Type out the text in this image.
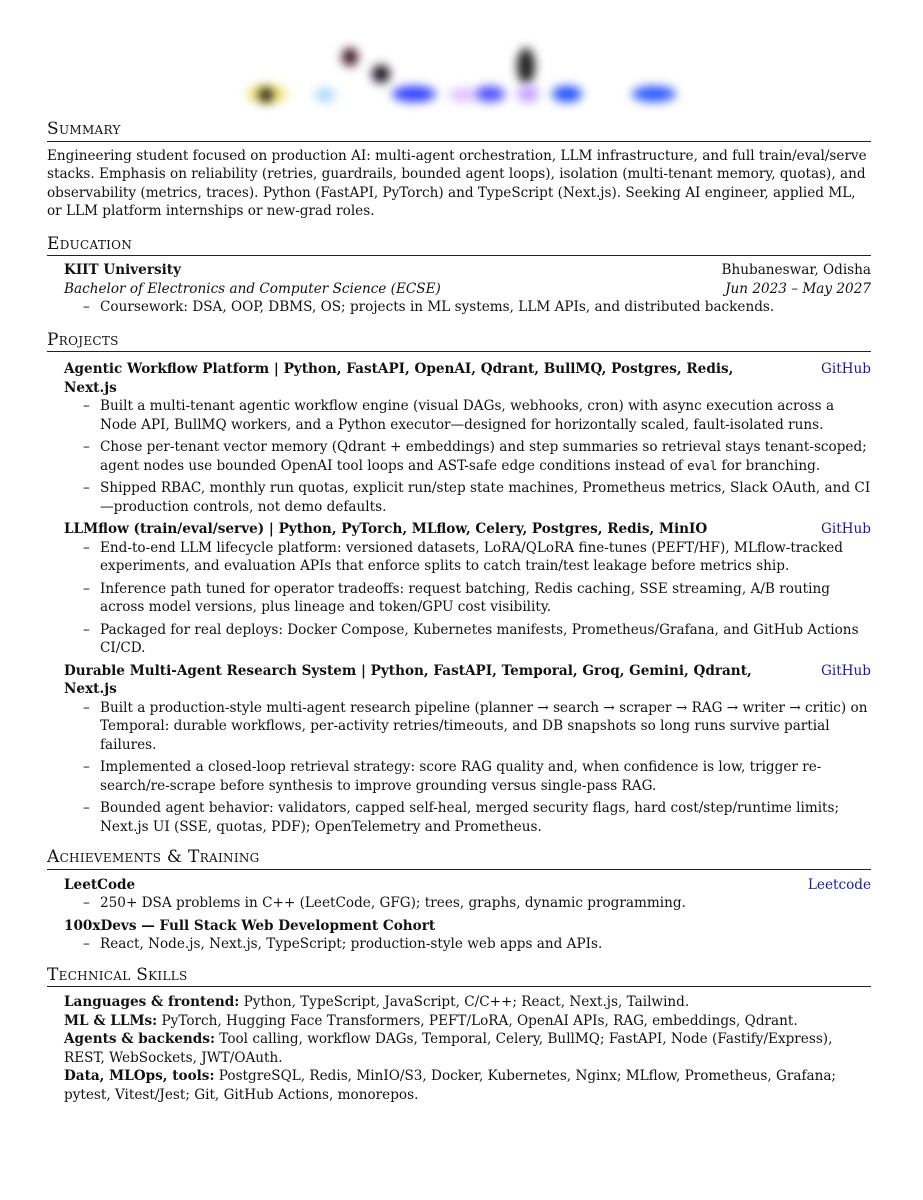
Summary

Engineering student focused on production AI: multi-agent orchestration, LLM infrastructure, and full train/eval/serve stacks. Emphasis on reliability (retries, guardrails, bounded agent loops), isolation (multi-tenant memory, quotas), and observability (metrics, traces). Python (FastAPI, PyTorch) and TypeScript (Next.js). Seeking AI engineer, applied ML, or LLM platform internships or new-grad roles.

Education
KIIT University	Bhubaneswar, Odisha
Bachelor of Electronics and Computer Science (ECSE)	Jun 2023 – May 2027
– Coursework: DSA, OOP, DBMS, OS; projects in ML systems, LLM APIs, and distributed backends.
Projects
Agentic Workflow Platform | Python, FastAPI, OpenAI, Qdrant, BullMQ, Postgres, Redis, Next.js
GitHub
– Built a multi-tenant agentic workflow engine (visual DAGs, webhooks, cron) with async execution across a Node API, BullMQ workers, and a Python executor—designed for horizontally scaled, fault-isolated runs.
– Chose per-tenant vector memory (Qdrant + embeddings) and step summaries so retrieval stays tenant-scoped; agent nodes use bounded OpenAI tool loops and AST-safe edge conditions instead of eval for branching.
– Shipped RBAC, monthly run quotas, explicit run/step state machines, Prometheus metrics, Slack OAuth, and CI—production controls, not demo defaults.
LLMflow (train/eval/serve) | Python, PyTorch, MLflow, Celery, Postgres, Redis, MinIO	GitHub
– End-to-end LLM lifecycle platform: versioned datasets, LoRA/QLoRA fine-tunes (PEFT/HF), MLflow-tracked experiments, and evaluation APIs that enforce splits to catch train/test leakage before metrics ship.
– Inference path tuned for operator tradeoffs: request batching, Redis caching, SSE streaming, A/B routing across model versions, plus lineage and token/GPU cost visibility.
– Packaged for real deploys: Docker Compose, Kubernetes manifests, Prometheus/Grafana, and GitHub Actions CI/CD.
Durable Multi-Agent Research System | Python, FastAPI, Temporal, Groq, Gemini, Qdrant, Next.js
GitHub
– Built a production-style multi-agent research pipeline (planner → search → scraper → RAG → writer → critic) on Temporal: durable workflows, per-activity retries/timeouts, and DB snapshots so long runs survive partial failures.
– Implemented a closed-loop retrieval strategy: score RAG quality and, when confidence is low, trigger re-search/re-scrape before synthesis to improve grounding versus single-pass RAG.
– Bounded agent behavior: validators, capped self-heal, merged security flags, hard cost/step/runtime limits; Next.js UI (SSE, quotas, PDF); OpenTelemetry and Prometheus.
Achievements & Training
LeetCode	Leetcode
– 250+ DSA problems in C++ (LeetCode, GFG); trees, graphs, dynamic programming.
100xDevs — Full Stack Web Development Cohort
– React, Node.js, Next.js, TypeScript; production-style web apps and APIs.
Technical Skills

Languages & frontend: Python, TypeScript, JavaScript, C/C++; React, Next.js, Tailwind.

ML & LLMs: PyTorch, Hugging Face Transformers, PEFT/LoRA, OpenAI APIs, RAG, embeddings, Qdrant.

Agents & backends: Tool calling, workflow DAGs, Temporal, Celery, BullMQ; FastAPI, Node (Fastify/Express), REST, WebSockets, JWT/OAuth.

Data, MLOps, tools: PostgreSQL, Redis, MinIO/S3, Docker, Kubernetes, Nginx; MLflow, Prometheus, Grafana; pytest, Vitest/Jest; Git, GitHub Actions, monorepos.
